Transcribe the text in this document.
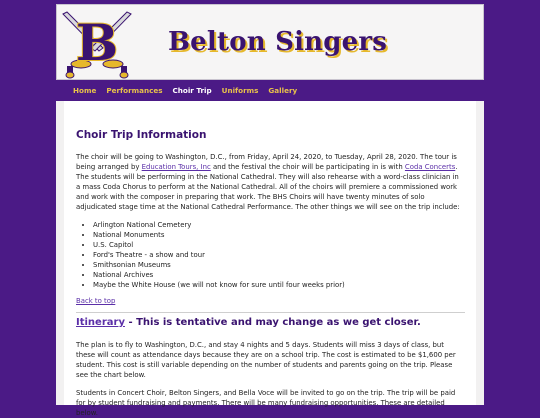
B Belton Singers
Home Performances Choir Trip Uniforms Gallery
Choir Trip Information

The choir will be going to Washington, D.C., from Friday, April 24, 2020, to Tuesday, April 28, 2020. The tour is being arranged by Education Tours, Inc and the festival the choir will be participating in is with Coda Concerts. The students will be performing in the National Cathedral. They will also rehearse with a word-class clinician in a mass Coda Chorus to perform at the National Cathedral. All of the choirs will premiere a commissioned work and work with the composer in preparing that work. The BHS Choirs will have twenty minutes of solo adjudicated stage time at the National Cathedral Performance. The other things we will see on the trip include:

• Arlington National Cemetery
• National Monuments
• U.S. Capitol
• Ford's Theatre - a show and tour
• Smithsonian Museums
• National Archives
• Maybe the White House (we will not know for sure until four weeks prior)
Back to top
Itinerary - This is tentative and may change as we get closer.

The plan is to fly to Washington, D.C., and stay 4 nights and 5 days. Students will miss 3 days of class, but these will count as attendance days because they are on a school trip. The cost is estimated to be $1,600 per student. This cost is still variable depending on the number of students and parents going on the trip. Please see the chart below.

Students in Concert Choir, Belton Singers, and Bella Voce will be invited to go on the trip. The trip will be paid for by student fundraising and payments. There will be many fundraising opportunities. These are detailed below.
